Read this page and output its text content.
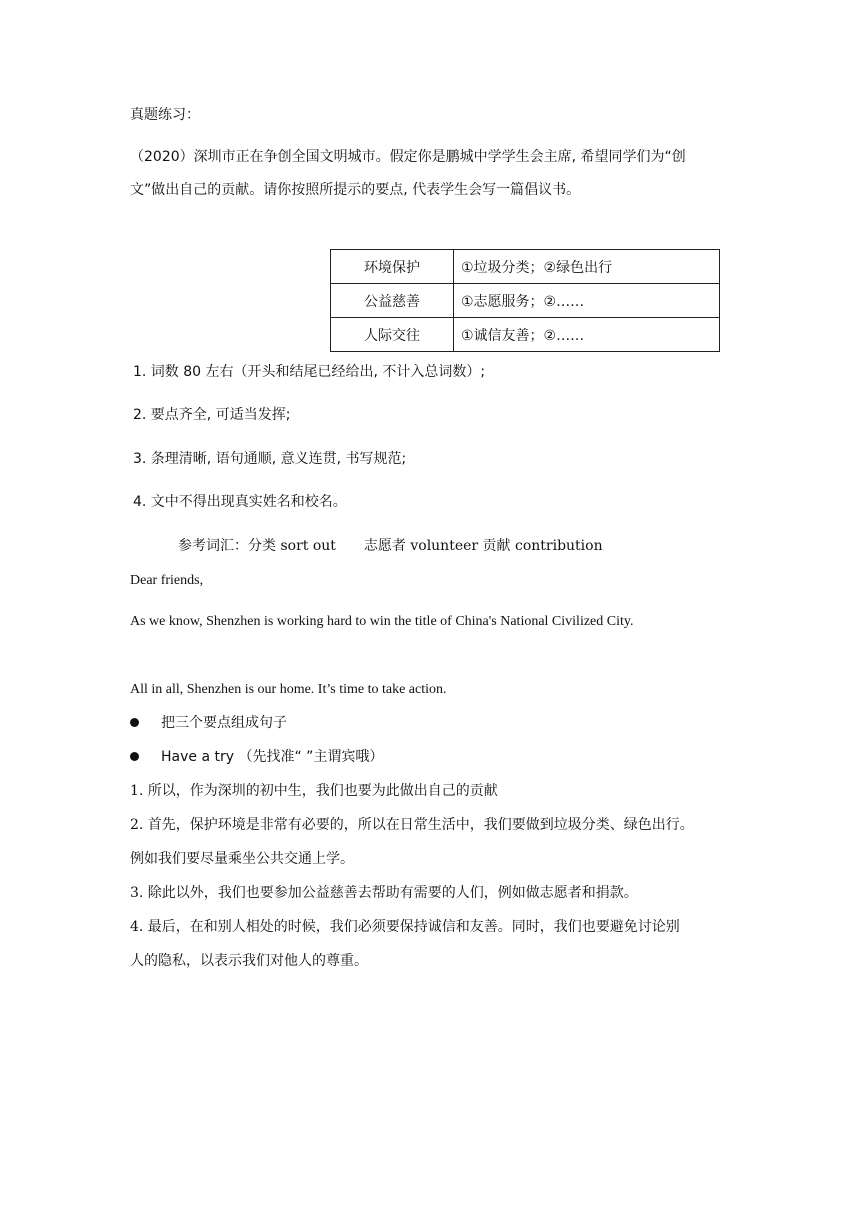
真题练习：
（2020）深圳市正在争创全国文明城市。假定你是鹏城中学学生会主席, 希望同学们为“创
文”做出自己的贡献。请你按照所提示的要点, 代表学生会写一篇倡议书。
环境保护	①垃圾分类；②绿色出行
公益慈善	①志愿服务；②……
人际交往	①诚信友善；②……
1. 词数 80 左右（开头和结尾已经给出, 不计入总词数）;
2. 要点齐全, 可适当发挥;
3. 条理清晰, 语句通顺, 意义连贯, 书写规范;
4. 文中不得出现真实姓名和校名。
参考词汇：分类 sort out　　志愿者 volunteer 贡献 contribution
Dear friends,
As we know, Shenzhen is working hard to win the title of China's National Civilized City.
All in all, Shenzhen is our home. It’s time to take action.
把三个要点组成句子
Have a try （先找准“ ”主谓宾哦）
1. 所以，作为深圳的初中生，我们也要为此做出自己的贡献
2. 首先，保护环境是非常有必要的，所以在日常生活中，我们要做到垃圾分类、绿色出行。
例如我们要尽量乘坐公共交通上学。
3. 除此以外，我们也要参加公益慈善去帮助有需要的人们，例如做志愿者和捐款。
4. 最后，在和别人相处的时候，我们必须要保持诚信和友善。同时，我们也要避免讨论别
人的隐私，以表示我们对他人的尊重。
